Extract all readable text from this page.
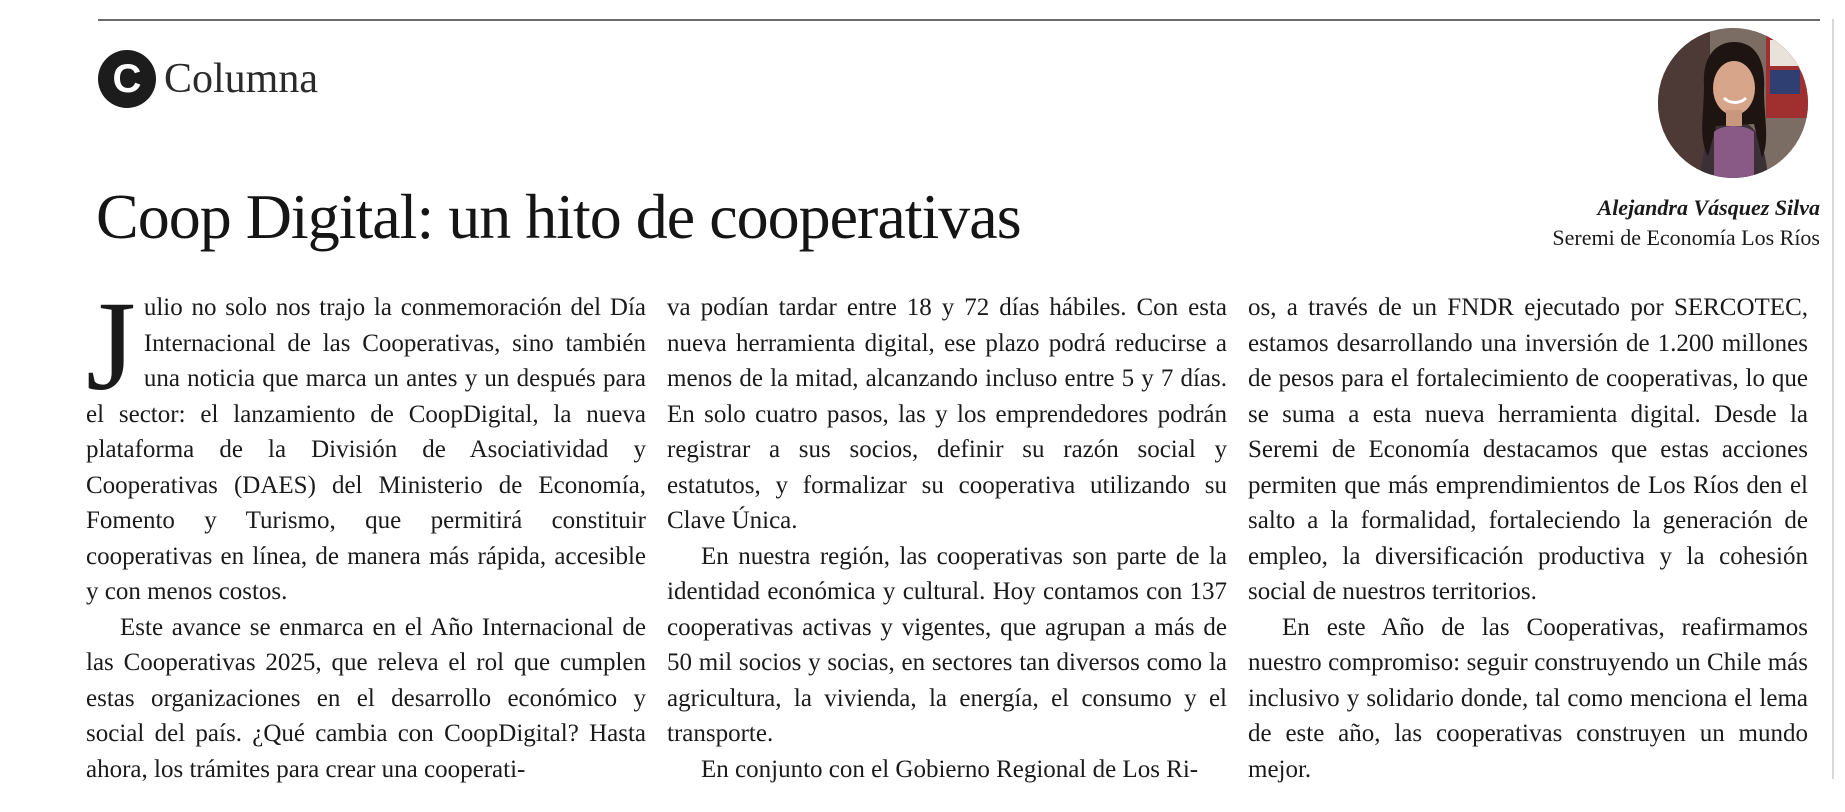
C Columna
Coop Digital: un hito de cooperativas	Alejandra Vásquez Silva
Seremi de Economía Los Ríos

Julio no solo nos trajo la conmemoración del Día Internacional de las Cooperativas, sino también una noticia que marca un antes y un después para el sector: el lanzamiento de CoopDigital, la nueva plataforma de la División de Asociatividad y Cooperativas (DAES) del Ministerio de Economía, Fomento y Turismo, que permitirá constituir cooperativas en línea, de manera más rápida, accesible y con menos costos.

Este avance se enmarca en el Año Internacional de las Cooperativas 2025, que releva el rol que cumplen estas organizaciones en el desarrollo económico y social del país. ¿Qué cambia con CoopDigital? Hasta ahora, los trámites para crear una cooperati-

va podían tardar entre 18 y 72 días hábiles. Con esta nueva herramienta digital, ese plazo podrá reducirse a menos de la mitad, alcanzando incluso entre 5 y 7 días. En solo cuatro pasos, las y los emprendedores podrán registrar a sus socios, definir su razón social y estatutos, y formalizar su cooperativa utilizando su Clave Única.

En nuestra región, las cooperativas son parte de la identidad económica y cultural. Hoy contamos con 137 cooperativas activas y vigentes, que agrupan a más de 50 mil socios y socias, en sectores tan diversos como la agricultura, la vivienda, la energía, el consumo y el transporte.

En conjunto con el Gobierno Regional de Los Ri-

os, a través de un FNDR ejecutado por SERCOTEC, estamos desarrollando una inversión de 1.200 millones de pesos para el fortalecimiento de cooperativas, lo que se suma a esta nueva herramienta digital. Desde la Seremi de Economía destacamos que estas acciones permiten que más emprendimientos de Los Ríos den el salto a la formalidad, fortaleciendo la generación de empleo, la diversificación productiva y la cohesión social de nuestros territorios.

En este Año de las Cooperativas, reafirmamos nuestro compromiso: seguir construyendo un Chile más inclusivo y solidario donde, tal como menciona el lema de este año, las cooperativas construyen un mundo mejor.
